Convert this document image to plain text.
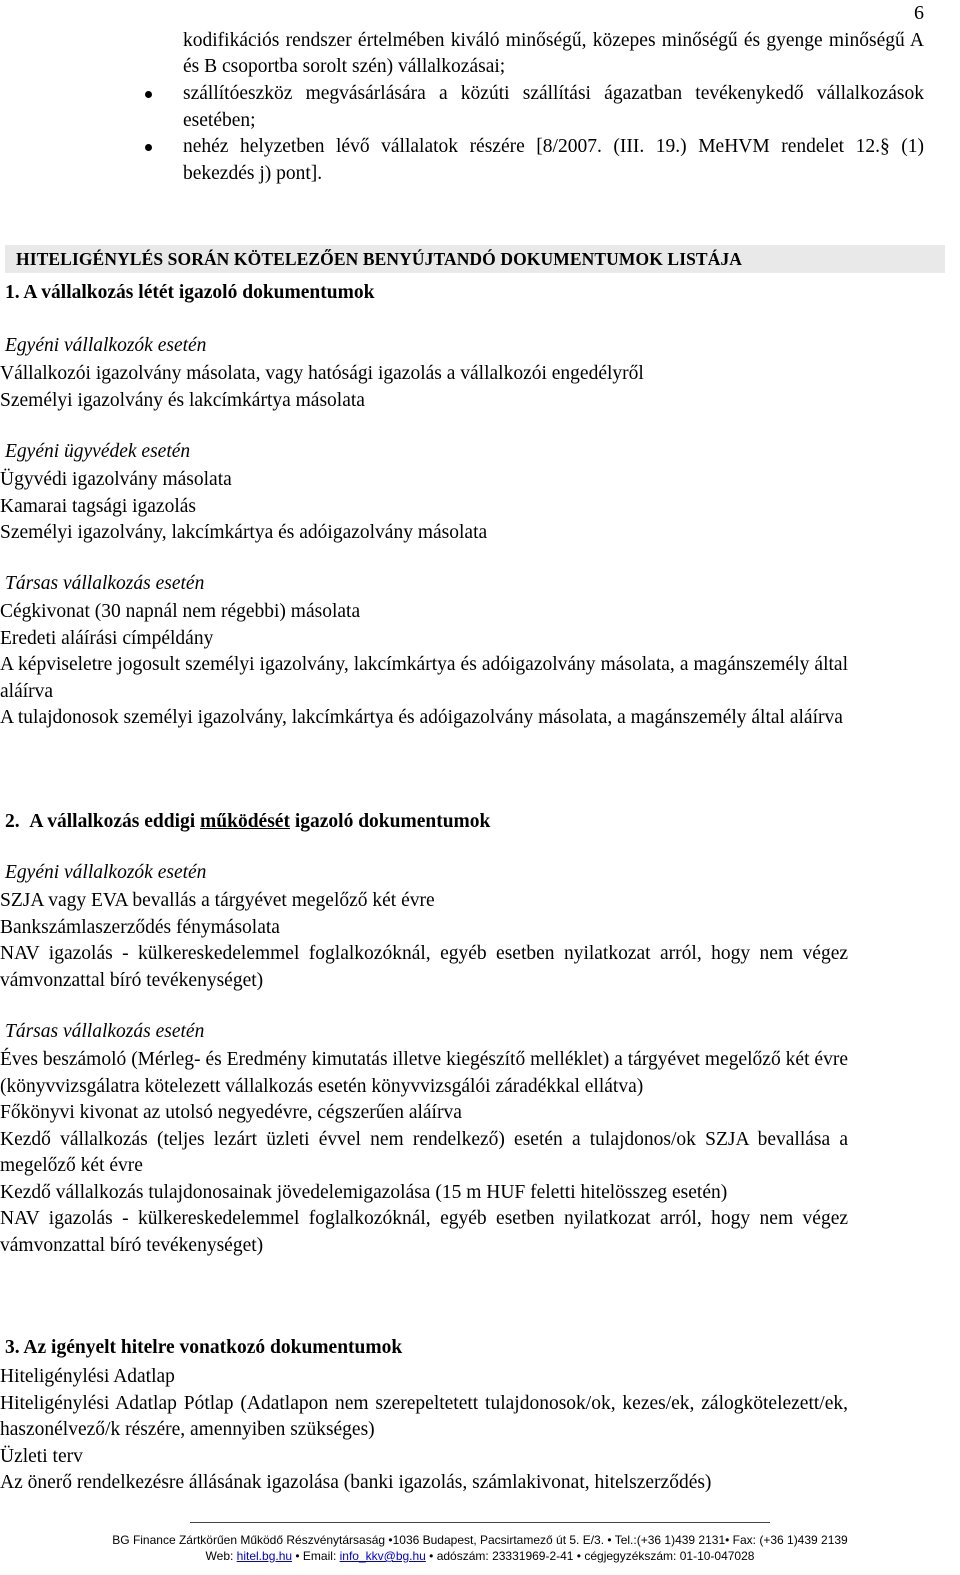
6
kodifikációs rendszer értelmében kiváló minőségű, közepes minőségű és gyenge minőségű A és B csoportba sorolt szén) vállalkozásai;
szállítóeszköz megvásárlására a közúti szállítási ágazatban tevékenykedő vállalkozások esetében;
nehéz helyzetben lévő vállalatok részére [8/2007. (III. 19.) MeHVM rendelet 12.§ (1) bekezdés j) pont].
HITELIGÉNYLÉS SORÁN KÖTELEZŐEN BENYÚJTANDÓ DOKUMENTUMOK LISTÁJA
1. A vállalkozás létét igazoló dokumentumok
Egyéni vállalkozók esetén
Vállalkozói igazolvány másolata, vagy hatósági igazolás a vállalkozói engedélyről
Személyi igazolvány és lakcímkártya másolata
Egyéni ügyvédek esetén
Ügyvédi igazolvány másolata
Kamarai tagsági igazolás
Személyi igazolvány, lakcímkártya és adóigazolvány másolata
Társas vállalkozás esetén
Cégkivonat (30 napnál nem régebbi) másolata
Eredeti aláírási címpéldány
A képviseletre jogosult személyi igazolvány, lakcímkártya és adóigazolvány másolata, a magánszemély által aláírva
A tulajdonosok személyi igazolvány, lakcímkártya és adóigazolvány másolata, a magánszemély által aláírva
2. A vállalkozás eddigi működését igazoló dokumentumok
Egyéni vállalkozók esetén
SZJA vagy EVA bevallás a tárgyévet megelőző két évre
Bankszámlaszerződés fénymásolata
NAV igazolás - külkereskedelemmel foglalkozóknál, egyéb esetben nyilatkozat arról, hogy nem végez vámvonzattal bíró tevékenységet)
Társas vállalkozás esetén
Éves beszámoló (Mérleg- és Eredmény kimutatás illetve kiegészítő melléklet) a tárgyévet megelőző két évre (könyvvizsgálatra kötelezett vállalkozás esetén könyvvizsgálói záradékkal ellátva)
Főkönyvi kivonat az utolsó negyedévre, cégszerűen aláírva
Kezdő vállalkozás (teljes lezárt üzleti évvel nem rendelkező) esetén a tulajdonos/ok SZJA bevallása a megelőző két évre
Kezdő vállalkozás tulajdonosainak jövedelemigazolása (15 m HUF feletti hitelösszeg esetén)
NAV igazolás - külkereskedelemmel foglalkozóknál, egyéb esetben nyilatkozat arról, hogy nem végez vámvonzattal bíró tevékenységet)
3. Az igényelt hitelre vonatkozó dokumentumok
Hiteligénylési Adatlap
Hiteligénylési Adatlap Pótlap (Adatlapon nem szerepeltetett tulajdonosok/ok, kezes/ek, zálogkötelezett/ek, haszonélvező/k részére, amennyiben szükséges)
Üzleti terv
Az önerő rendelkezésre állásának igazolása (banki igazolás, számlakivonat, hitelszerződés)
BG Finance Zártkörűen Működő Részvénytársaság •1036 Budapest, Pacsirtamező út 5. E/3. • Tel.:(+36 1)439 2131• Fax: (+36 1)439 2139
Web: hitel.bg.hu • Email: info_kkv@bg.hu • adószám: 23331969-2-41 • cégjegyzékszám: 01-10-047028
